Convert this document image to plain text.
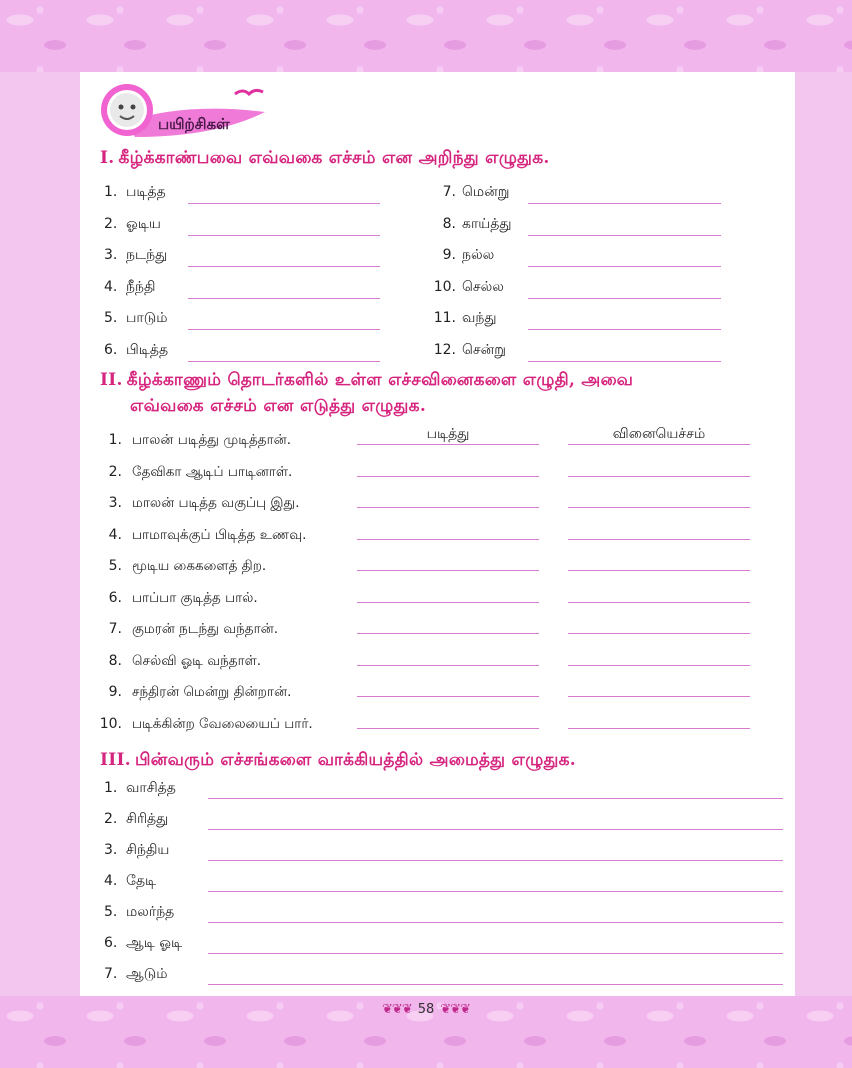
பயிற்சிகள்
I. கீழ்க்காண்பவை எவ்வகை எச்சம் என அறிந்து எழுதுக.
1. படித்த
2. ஓடிய
3. நடந்து
4. நீந்தி
5. பாடும்
6. பிடித்த
7. மென்று
8. காய்த்து
9. நல்ல
10. செல்ல
11. வந்து
12. சென்று
II. கீழ்க்காணும் தொடர்களில் உள்ள எச்சவினைகளை எழுதி, அவை
எவ்வகை எச்சம் என எடுத்து எழுதுக.
படித்து	வினையெச்சம்
1. பாலன் படித்து முடித்தான்.
2. தேவிகா ஆடிப் பாடினாள்.
3. மாலன் படித்த வகுப்பு இது.
4. பாமாவுக்குப் பிடித்த உணவு.
5. மூடிய கைகளைத் திற.
6. பாப்பா குடித்த பால்.
7. குமரன் நடந்து வந்தான்.
8. செல்வி ஓடி வந்தாள்.
9. சந்திரன் மென்று தின்றான்.
10. படிக்கின்ற வேலையைப் பார்.
III. பின்வரும் எச்சங்களை வாக்கியத்தில் அமைத்து எழுதுக.
1. வாசித்த
2. சிரித்து
3. சிந்திய
4. தேடி
5. மலர்ந்த
6. ஆடி ஓடி
7. ஆடும்
❦❦❦ 58 ❦❦❦
